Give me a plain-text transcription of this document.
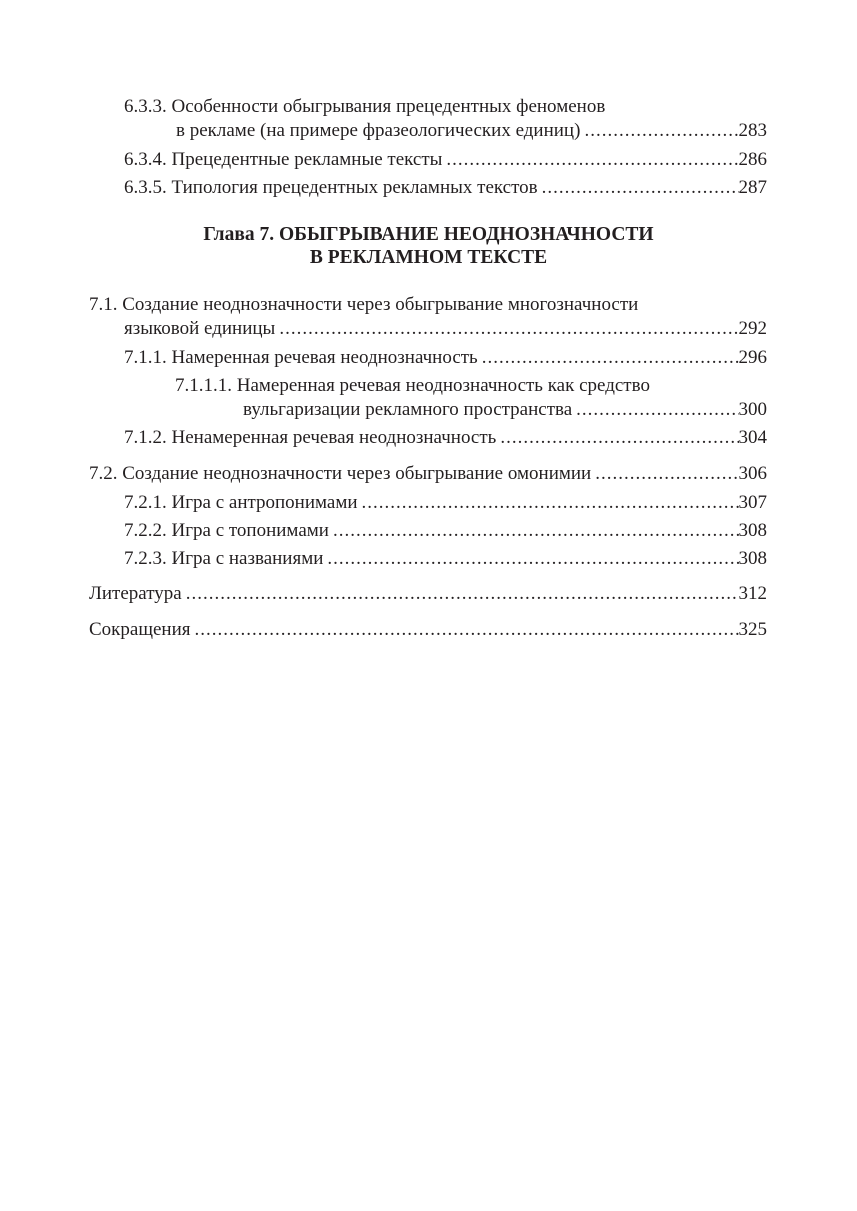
6.3.3. Особенности обыгрывания прецедентных феноменов
в рекламе (на примере фразеологических единиц) .....	283
6.3.4. Прецедентные рекламные тексты .....	286
6.3.5. Типология прецедентных рекламных текстов .....	287
Глава 7. ОБЫГРЫВАНИЕ НЕОДНОЗНАЧНОСТИ
В РЕКЛАМНОМ ТЕКСТЕ
7.1. Создание неоднозначности через обыгрывание многозначности
языковой единицы .....	292
7.1.1. Намеренная речевая неоднозначность .....	296
7.1.1.1. Намеренная речевая неоднозначность как средство
вульгаризации рекламного пространства .....	300
7.1.2. Ненамеренная речевая неоднозначность .....	304
7.2. Создание неоднозначности через обыгрывание омонимии .....	306
7.2.1. Игра с антропонимами .....	307
7.2.2. Игра с топонимами .....	308
7.2.3. Игра с названиями .....	308
Литература .....	312
Сокращения .....	325
